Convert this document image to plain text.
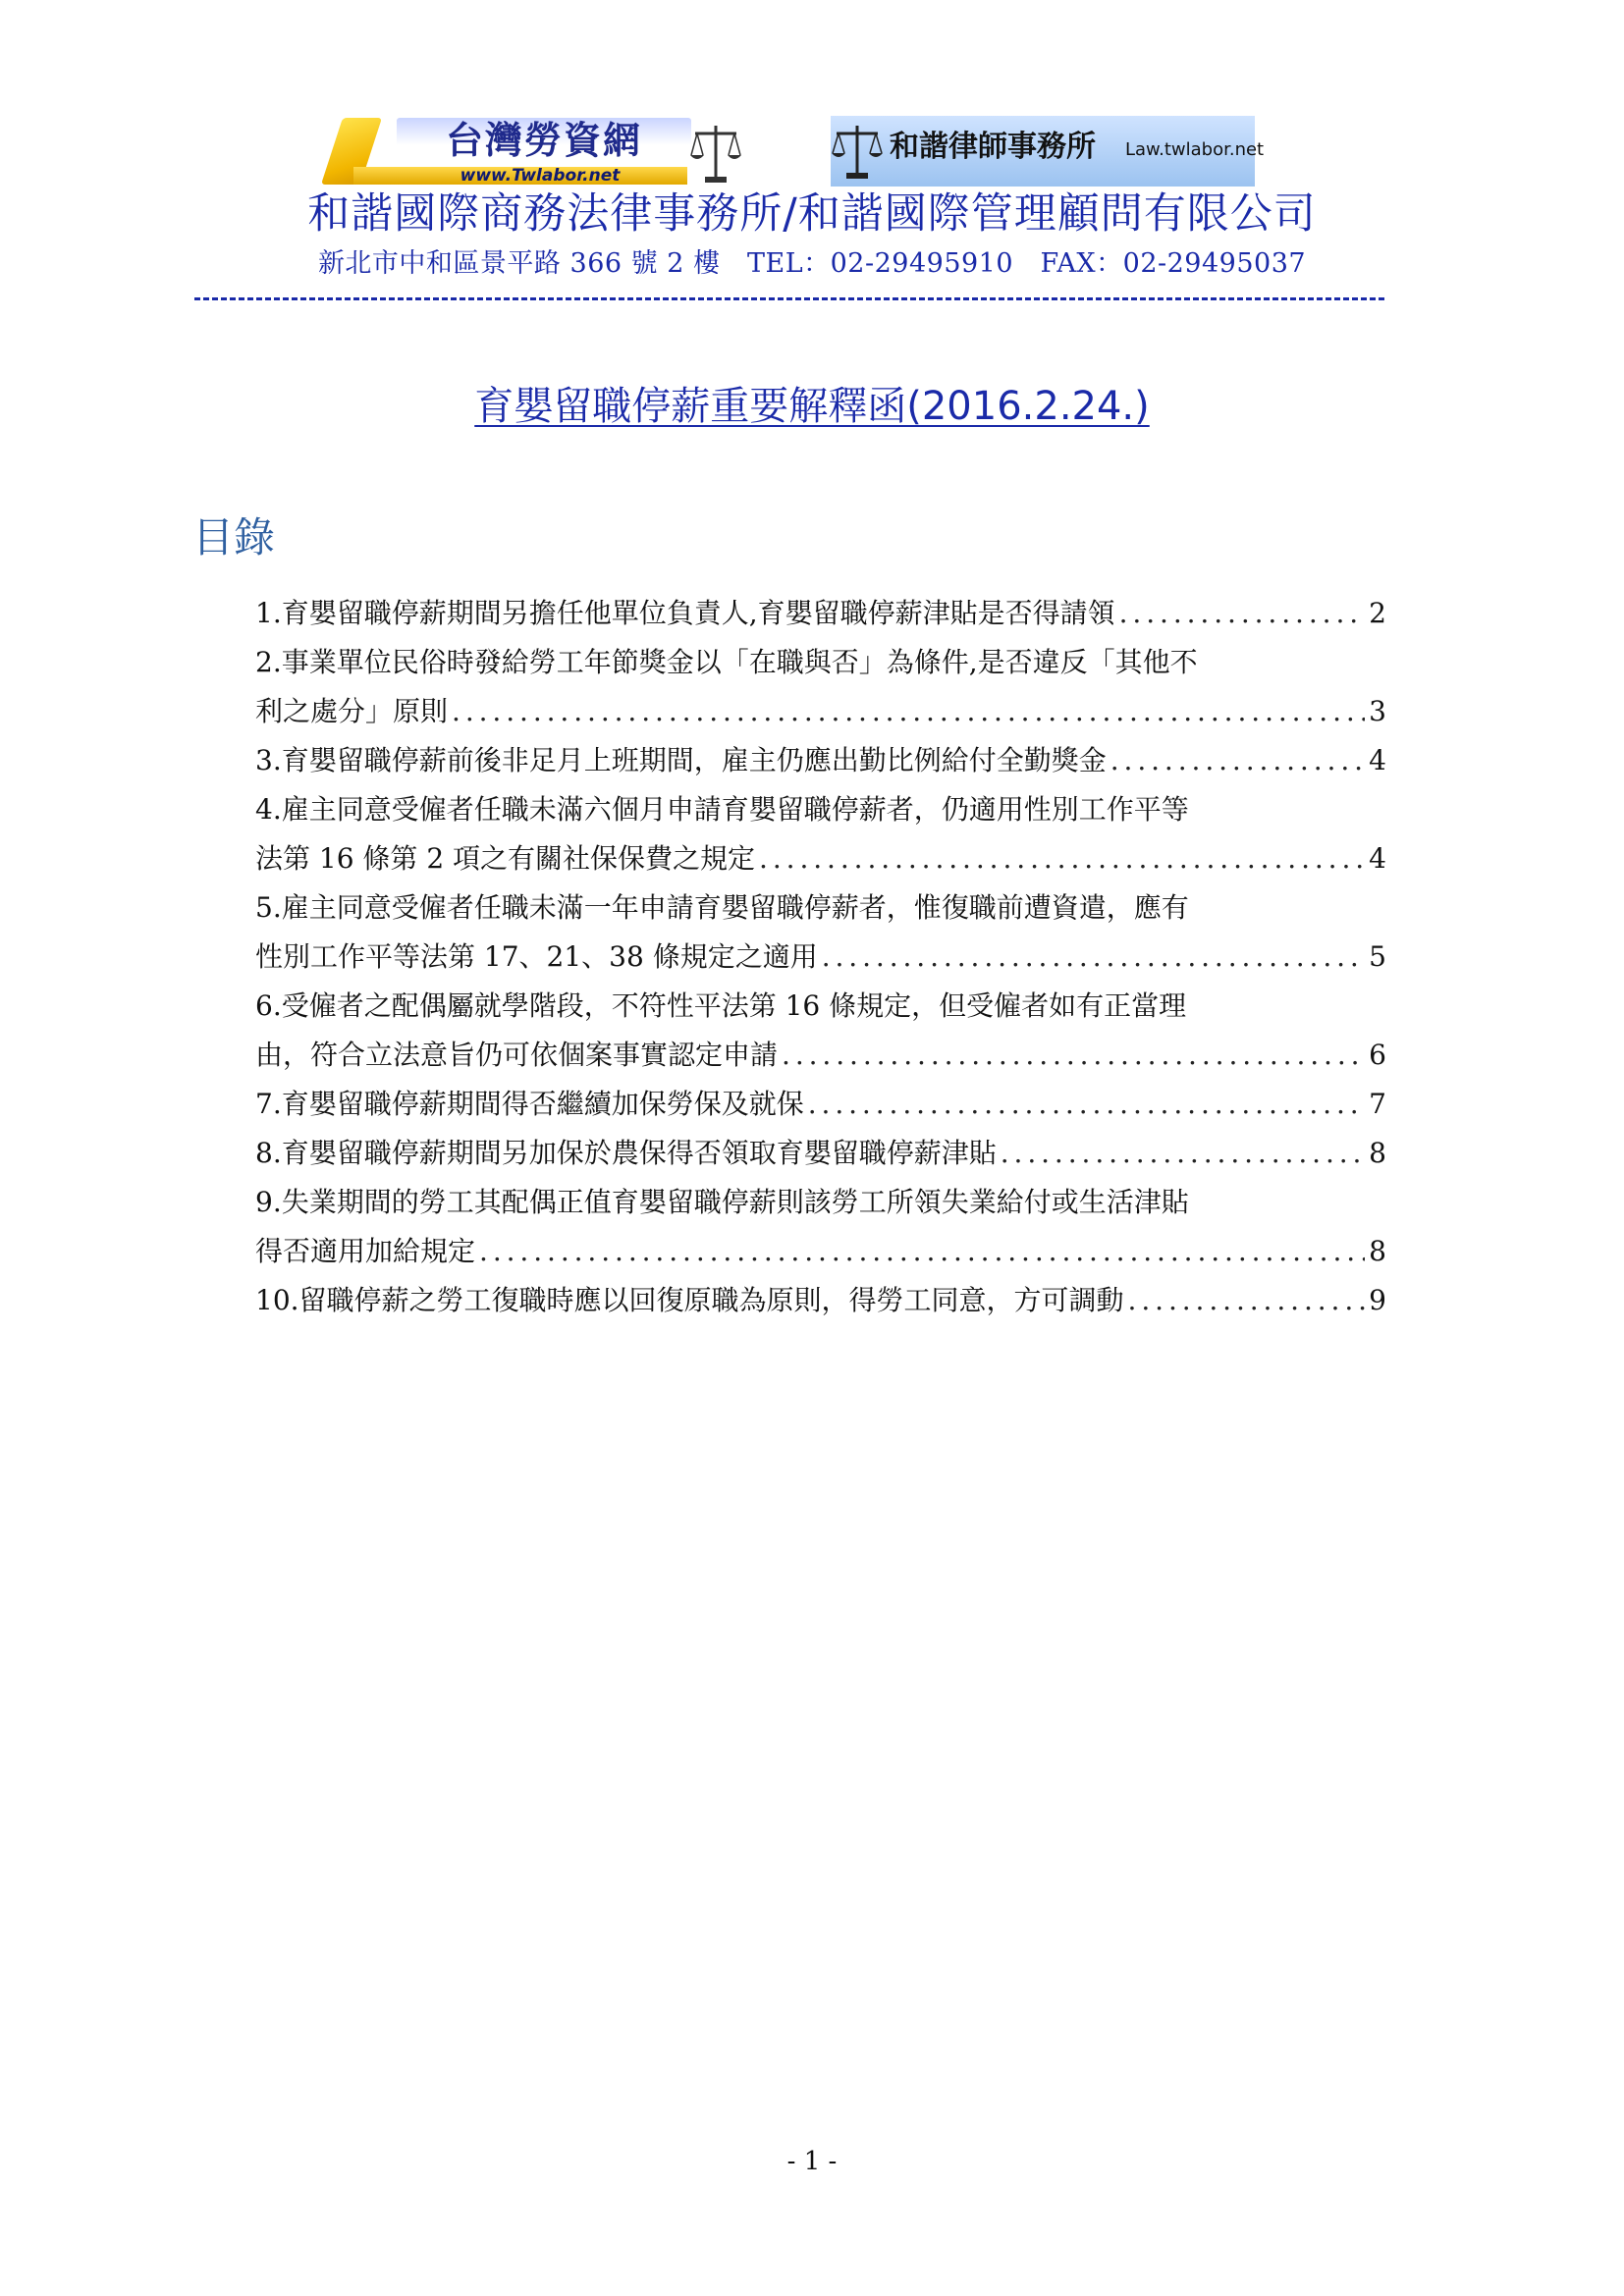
台灣勞資網
www.Twlabor.net
和諧律師事務所 Law.twlabor.net
和諧國際商務法律事務所/和諧國際管理顧問有限公司
新北市中和區景平路 366 號 2 樓　TEL：02-29495910　FAX：02-29495037
育嬰留職停薪重要解釋函(2016.2.24.)
目錄
1.育嬰留職停薪期間另擔任他單位負責人,育嬰留職停薪津貼是否得請領 . . .	2
2.事業單位民俗時發給勞工年節獎金以「在職與否」為條件,是否違反「其他不
利之處分」原則 . . .	3
3.育嬰留職停薪前後非足月上班期間，雇主仍應出勤比例給付全勤獎金 . . .	4
4.雇主同意受僱者任職未滿六個月申請育嬰留職停薪者，仍適用性別工作平等
法第 16 條第 2 項之有關社保保費之規定 . . .	4
5.雇主同意受僱者任職未滿一年申請育嬰留職停薪者，惟復職前遭資遣，應有
性別工作平等法第 17、21、38 條規定之適用 . . .	5
6.受僱者之配偶屬就學階段，不符性平法第 16 條規定，但受僱者如有正當理
由，符合立法意旨仍可依個案事實認定申請 . . .	6
7.育嬰留職停薪期間得否繼續加保勞保及就保 . . .	7
8.育嬰留職停薪期間另加保於農保得否領取育嬰留職停薪津貼 . . .	8
9.失業期間的勞工其配偶正值育嬰留職停薪則該勞工所領失業給付或生活津貼
得否適用加給規定 . . .	8
10.留職停薪之勞工復職時應以回復原職為原則，得勞工同意，方可調動 . . .	9
- 1 -
